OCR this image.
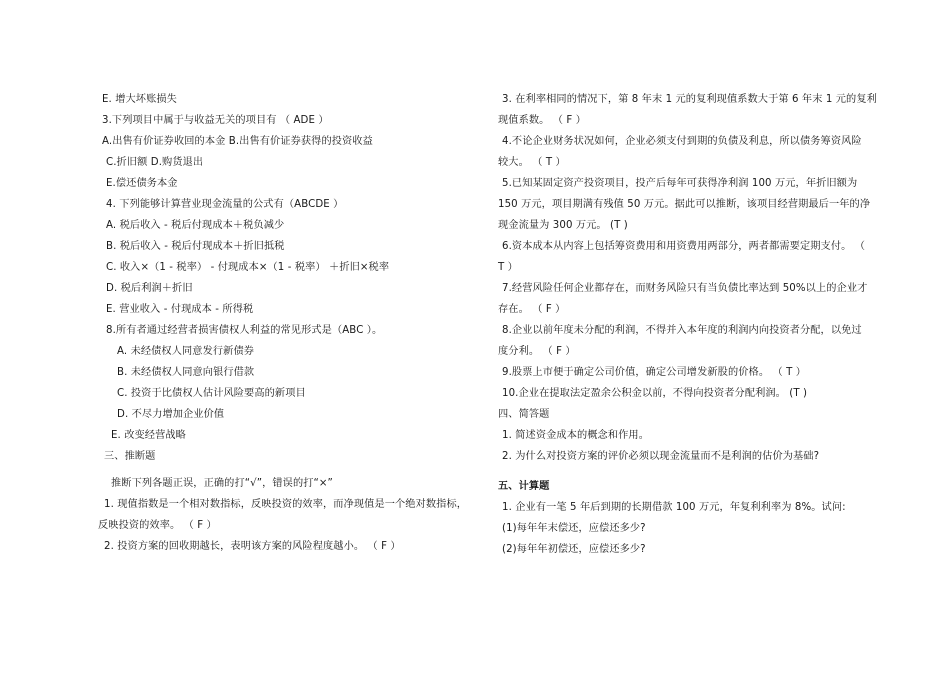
E. 增大坏账损失
3.下列项目中属于与收益无关的项目有 （ ADE ）
A.出售有价证券收回的本金 B.出售有价证券获得的投资收益
C.折旧额 D.购货退出
E.偿还债务本金
4. 下列能够计算营业现金流量的公式有（ABCDE ）
A. 税后收入 - 税后付现成本＋税负减少
B. 税后收入 - 税后付现成本＋折旧抵税
C. 收入×（1 - 税率） - 付现成本×（1 - 税率） ＋折旧×税率
D. 税后利润＋折旧
E. 营业收入 - 付现成本 - 所得税
8.所有者通过经营者损害债权人利益的常见形式是（ABC ）。
A. 未经债权人同意发行新债券
B. 未经债权人同意向银行借款
C. 投资于比债权人估计风险要高的新项目
D. 不尽力增加企业价值
E. 改变经营战略
三、推断题
推断下列各题正误，正确的打“√”，错误的打“×”
1. 现值指数是一个相对数指标，反映投资的效率，而净现值是一个绝对数指标，
反映投资的效率。 （ F ）
2. 投资方案的回收期越长，表明该方案的风险程度越小。 （ F ）
3. 在利率相同的情况下，第 8 年末 1 元的复利现值系数大于第 6 年末 1 元的复利
现值系数。 （ F ）
4.不论企业财务状况如何，企业必须支付到期的负债及利息，所以债务筹资风险
较大。 （ T ）
5.已知某固定资产投资项目，投产后每年可获得净利润 100 万元，年折旧额为
150 万元，项目期满有残值 50 万元。据此可以推断，该项目经营期最后一年的净
现金流量为 300 万元。 (T )
6.资本成本从内容上包括筹资费用和用资费用两部分，两者都需要定期支付。 （
T ）
7.经营风险任何企业都存在，而财务风险只有当负债比率达到 50%以上的企业才
存在。 （ F ）
8.企业以前年度未分配的利润，不得并入本年度的利润内向投资者分配，以免过
度分利。 （ F ）
9.股票上市便于确定公司价值，确定公司增发新股的价格。 （ T ）
10.企业在提取法定盈余公积金以前，不得向投资者分配利润。 (T )
四、简答题
1. 简述资金成本的概念和作用。
2. 为什么对投资方案的评价必须以现金流量而不是利润的估价为基础?
五、计算题
1. 企业有一笔 5 年后到期的长期借款 100 万元，年复利利率为 8%。试问:
(1)每年年末偿还，应偿还多少?
(2)每年年初偿还，应偿还多少?
